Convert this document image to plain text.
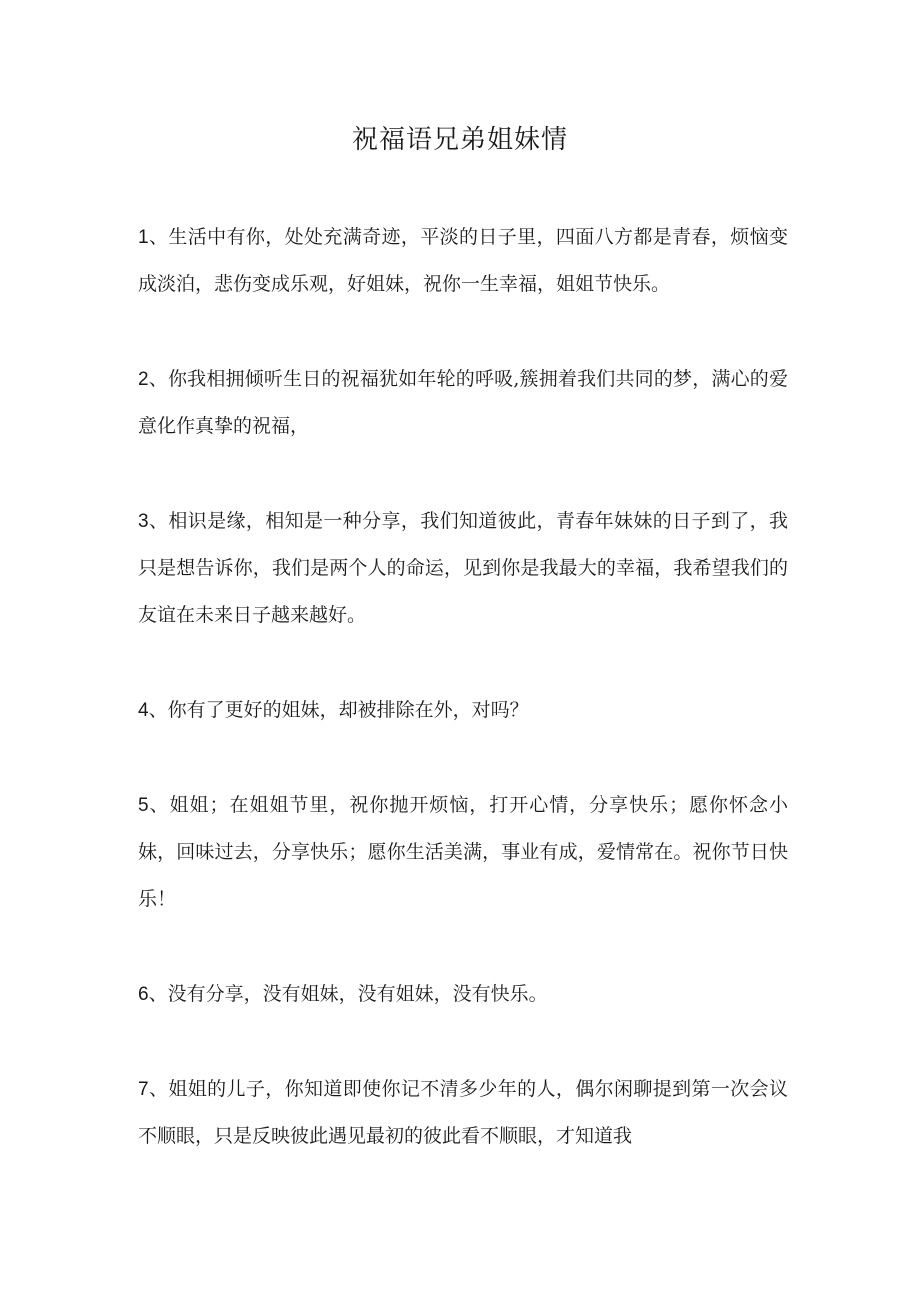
祝福语兄弟姐妹情

1、生活中有你，处处充满奇迹，平淡的日子里，四面八方都是青春，烦恼变成淡泊，悲伤变成乐观，好姐妹，祝你一生幸福，姐姐节快乐。

2、你我相拥倾听生日的祝福犹如年轮的呼吸,簇拥着我们共同的梦，满心的爱意化作真挚的祝福，

3、相识是缘，相知是一种分享，我们知道彼此，青春年妹妹的日子到了，我只是想告诉你，我们是两个人的命运，见到你是我最大的幸福，我希望我们的友谊在未来日子越来越好。

4、你有了更好的姐妹，却被排除在外，对吗？

5、姐姐；在姐姐节里，祝你抛开烦恼，打开心情，分享快乐；愿你怀念小妹，回味过去，分享快乐；愿你生活美满，事业有成，爱情常在。祝你节日快乐！

6、没有分享，没有姐妹，没有姐妹，没有快乐。

7、姐姐的儿子，你知道即使你记不清多少年的人，偶尔闲聊提到第一次会议不顺眼，只是反映彼此遇见最初的彼此看不顺眼，才知道我
